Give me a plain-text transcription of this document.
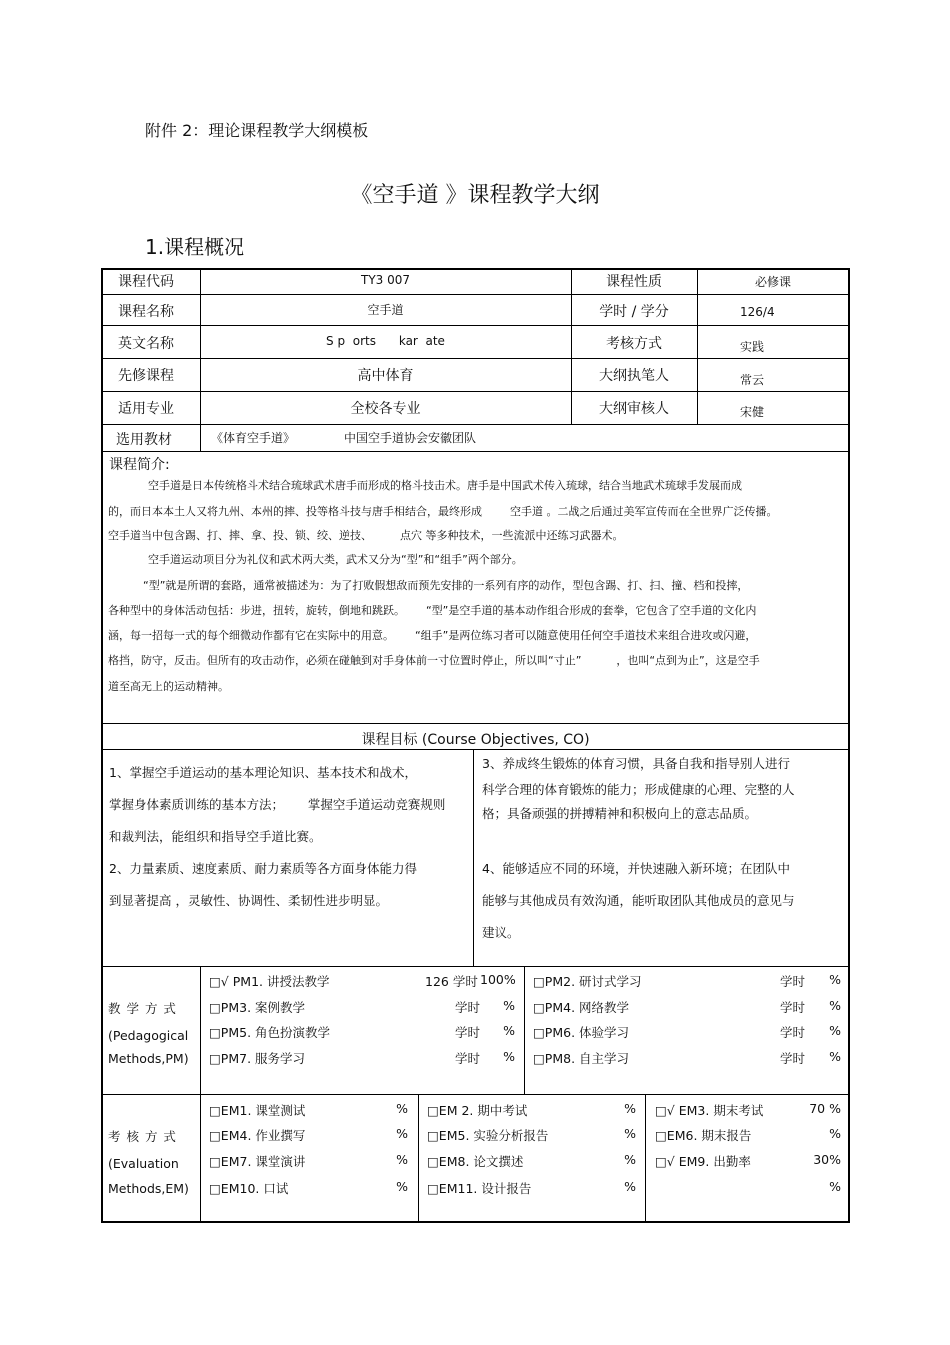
附件 2：理论课程教学大纲模板
《空手道 》课程教学大纲
1.课程概况
课程代码	TY3 007	课程性质	必修课
课程名称	空手道	学时 / 学分	126/4
英文名称	S p  orts      kar  ate	考核方式	实践
先修课程	高中体育	大纲执笔人	常云
适用专业	全校各专业	大纲审核人	宋健
选用教材	《体育空手道》	中国空手道协会安徽团队
课程简介:
空手道是日本传统格斗术结合琉球武术唐手而形成的格斗技击术。唐手是中国武术传入琉球，结合当地武术琉球手发展而成
的，而日本本土人又将九州、本州的摔、投等格斗技与唐手相结合，最终形成        空手道 。二战之后通过美军宣传而在全世界广泛传播。
空手道当中包含踢、打、摔、拿、投、锁、绞、逆技、        点穴 等多种技术，一些流派中还练习武器术。
空手道运动项目分为礼仪和武术两大类，武术又分为“型”和“组手”两个部分。
“型”就是所谓的套路，通常被描述为：为了打败假想敌而预先安排的一系列有序的动作，型包含踢、打、扫、撞、档和投摔，
各种型中的身体活动包括：步进，扭转，旋转，倒地和跳跃。      “型”是空手道的基本动作组合形成的套拳，它包含了空手道的文化内
涵，每一招每一式的每个细微动作都有它在实际中的用意。      “组手”是两位练习者可以随意使用任何空手道技术来组合进攻或闪避，
格挡，防守，反击。但所有的攻击动作，必须在碰触到对手身体前一寸位置时停止，所以叫“寸止”          ，也叫“点到为止”，这是空手
道至高无上的运动精神。
课程目标 (Course Objectives, CO)
1、掌握空手道运动的基本理论知识、基本技术和战术，
掌握身体素质训练的基本方法；      掌握空手道运动竞赛规则
和裁判法，能组织和指导空手道比赛。
2、力量素质、速度素质、耐力素质等各方面身体能力得
到显著提高 ，灵敏性、协调性、柔韧性进步明显。
3、养成终生锻炼的体育习惯，具备自我和指导别人进行
科学合理的体育锻炼的能力；形成健康的心理、完整的人
格；具备顽强的拼搏精神和积极向上的意志品质。
4、能够适应不同的环境，并快速融入新环境；在团队中
能够与其他成员有效沟通，能听取团队其他成员的意见与
建议。
教 学 方 式
(Pedagogical
Methods,PM)
□√ PM1. 讲授法教学	126 学时 100%
□PM3. 案例教学	学时	%
□PM5. 角色扮演教学	学时	%
□PM7. 服务学习	学时	%
□PM2. 研讨式学习	学时	%
□PM4. 网络教学	学时	%
□PM6. 体验学习	学时	%
□PM8. 自主学习	学时	%
考 核 方 式
(Evaluation
Methods,EM)
□EM1. 课堂测试	%
□EM4. 作业撰写	%
□EM7. 课堂演讲	%
□EM10. 口试	%
□EM 2. 期中考试	%
□EM5. 实验分析报告	%
□EM8. 论文撰述	%
□EM11. 设计报告	%
□√ EM3. 期末考试	70 %
□EM6. 期末报告	%
□√ EM9. 出勤率	30%
%
